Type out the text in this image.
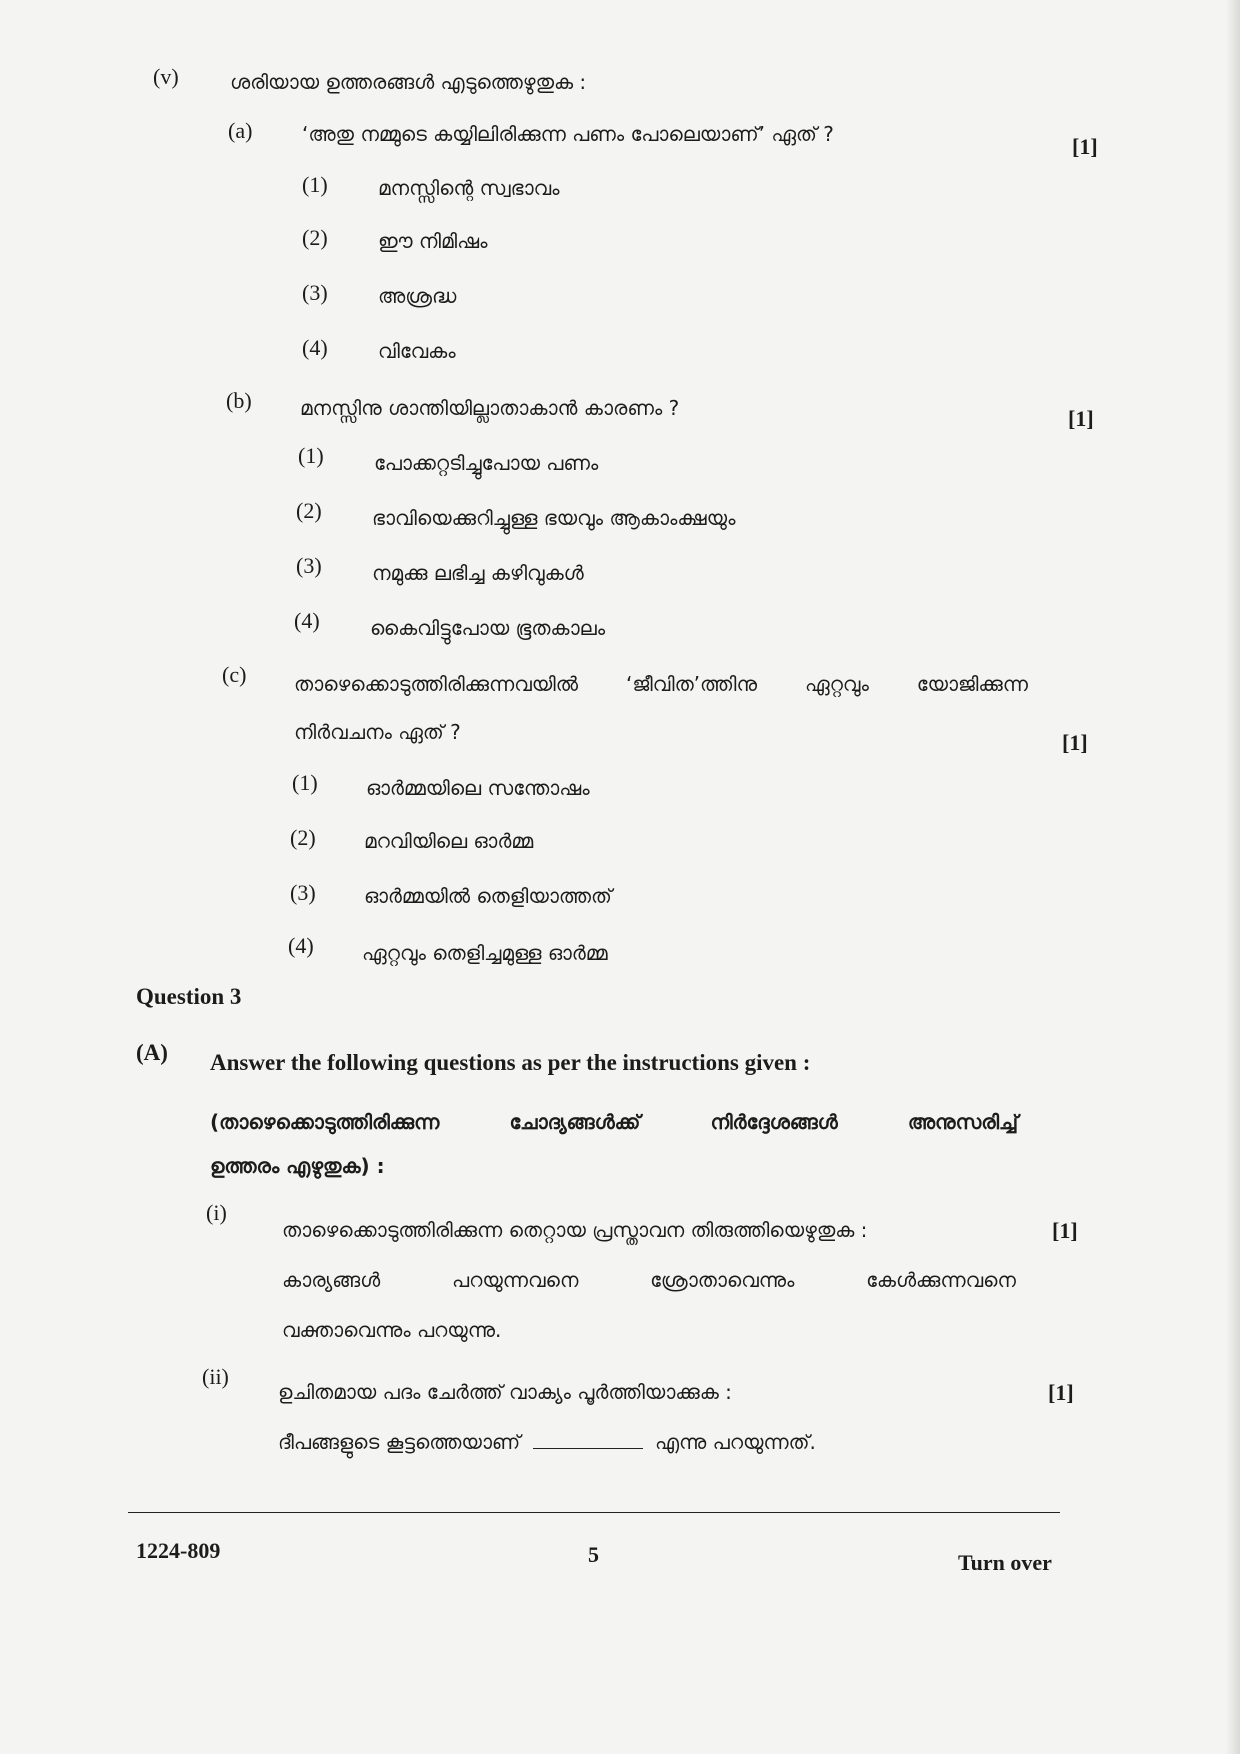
(v)	ശരിയായ ഉത്തരങ്ങൾ എടുത്തെഴുതുക :
(a) ‘അതു നമ്മുടെ കയ്യിലിരിക്കുന്ന പണം പോലെയാണ്’ ഏത് ?	[1]
(1)	മനസ്സിന്റെ സ്വഭാവം
(2)	ഈ നിമിഷം
(3)	അശ്രദ്ധ
(4)	വിവേകം
(b) മനസ്സിനു ശാന്തിയില്ലാതാകാൻ കാരണം ?	[1]
(1)	പോക്കറ്റടിച്ചുപോയ പണം
(2)	ഭാവിയെക്കുറിച്ചുള്ള ഭയവും ആകാംക്ഷയും
(3)	നമുക്കു ലഭിച്ച കഴിവുകൾ
(4)	കൈവിട്ടുപോയ ഭൂതകാലം
(c) താഴെക്കൊടുത്തിരിക്കുന്നവയിൽ ‘ജീവിത’ത്തിനു ഏറ്റവും യോജിക്കുന്ന
നിർവചനം ഏത് ?	[1]
(1) ഓർമ്മയിലെ സന്തോഷം
(2) മറവിയിലെ ഓർമ്മ
(3) ഓർമ്മയിൽ തെളിയാത്തത്
(4) ഏറ്റവും തെളിച്ചമുള്ള ഓർമ്മ
Question 3
(A) Answer the following questions as per the instructions given :
(താഴെക്കൊടുത്തിരിക്കുന്ന	ചോദ്യങ്ങൾക്ക്	നിർദ്ദേശങ്ങൾ	അനുസരിച്ച്
ഉത്തരം എഴുതുക) :
(i)
താഴെക്കൊടുത്തിരിക്കുന്ന തെറ്റായ പ്രസ്താവന തിരുത്തിയെഴുതുക :	[1]
കാര്യങ്ങൾ	പറയുന്നവനെ	ശ്രോതാവെന്നും	കേൾക്കുന്നവനെ
വക്താവെന്നും പറയുന്നു.
(ii)
ഉചിതമായ പദം ചേർത്ത് വാക്യം പൂർത്തിയാക്കുക :	[1]
ദീപങ്ങളുടെ കൂട്ടത്തെയാണ്	എന്നു പറയുന്നത്.
1224-809	5	Turn over
